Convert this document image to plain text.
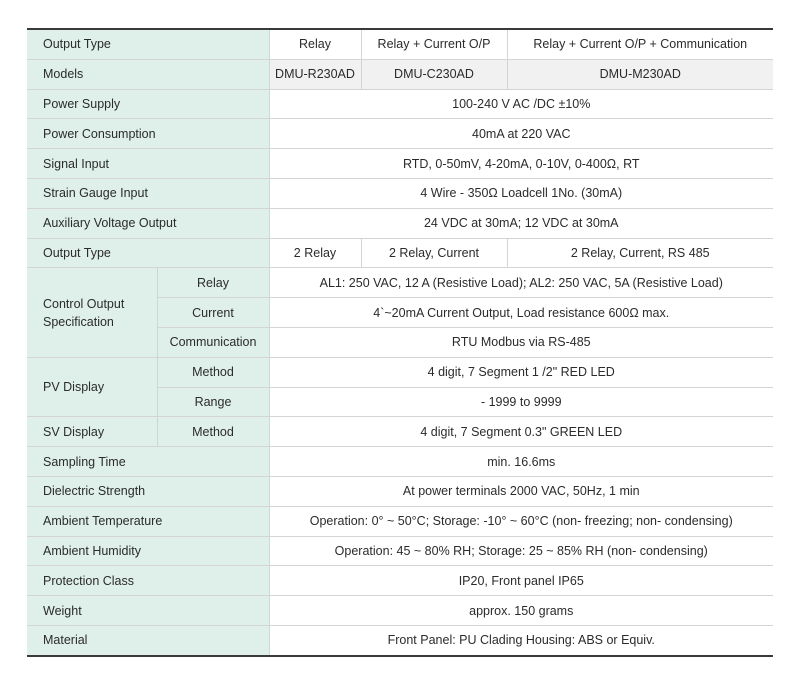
Output Type		Relay	Relay + Current O/P	Relay + Current O/P + Communication
Models		DMU-R230AD	DMU-C230AD	DMU-M230AD
Power Supply		100-240 V AC /DC ±10%		
Power Consumption		40mA at 220 VAC		
Signal Input		RTD, 0-50mV, 4-20mA, 0-10V, 0-400Ω, RT		
Strain Gauge Input		4 Wire - 350Ω Loadcell 1No. (30mA)		
Auxiliary Voltage Output		24 VDC at 30mA; 12 VDC at 30mA		
Output Type		2 Relay	2 Relay, Current	2 Relay, Current, RS 485
Control Output Specification	Relay	AL1: 250 VAC, 12 A (Resistive Load); AL2: 250 VAC, 5A (Resistive Load)		
	Current	4`~20mA Current Output, Load resistance 600Ω max.		
	Communication	RTU Modbus via RS-485		
PV Display	Method	4 digit, 7 Segment 1 /2" RED LED		
	Range	- 1999 to 9999		
SV Display	Method	4 digit, 7 Segment 0.3" GREEN LED		
Sampling Time		min. 16.6ms		
Dielectric Strength		At power terminals 2000 VAC, 50Hz, 1 min		
Ambient Temperature		Operation: 0° ~ 50°C; Storage: -10° ~ 60°C (non- freezing; non- condensing)		
Ambient Humidity		Operation: 45 ~ 80% RH; Storage: 25 ~ 85% RH (non- condensing)		
Protection Class		IP20, Front panel IP65		
Weight		approx. 150 grams		
Material		Front Panel: PU Clading Housing: ABS or Equiv.		
